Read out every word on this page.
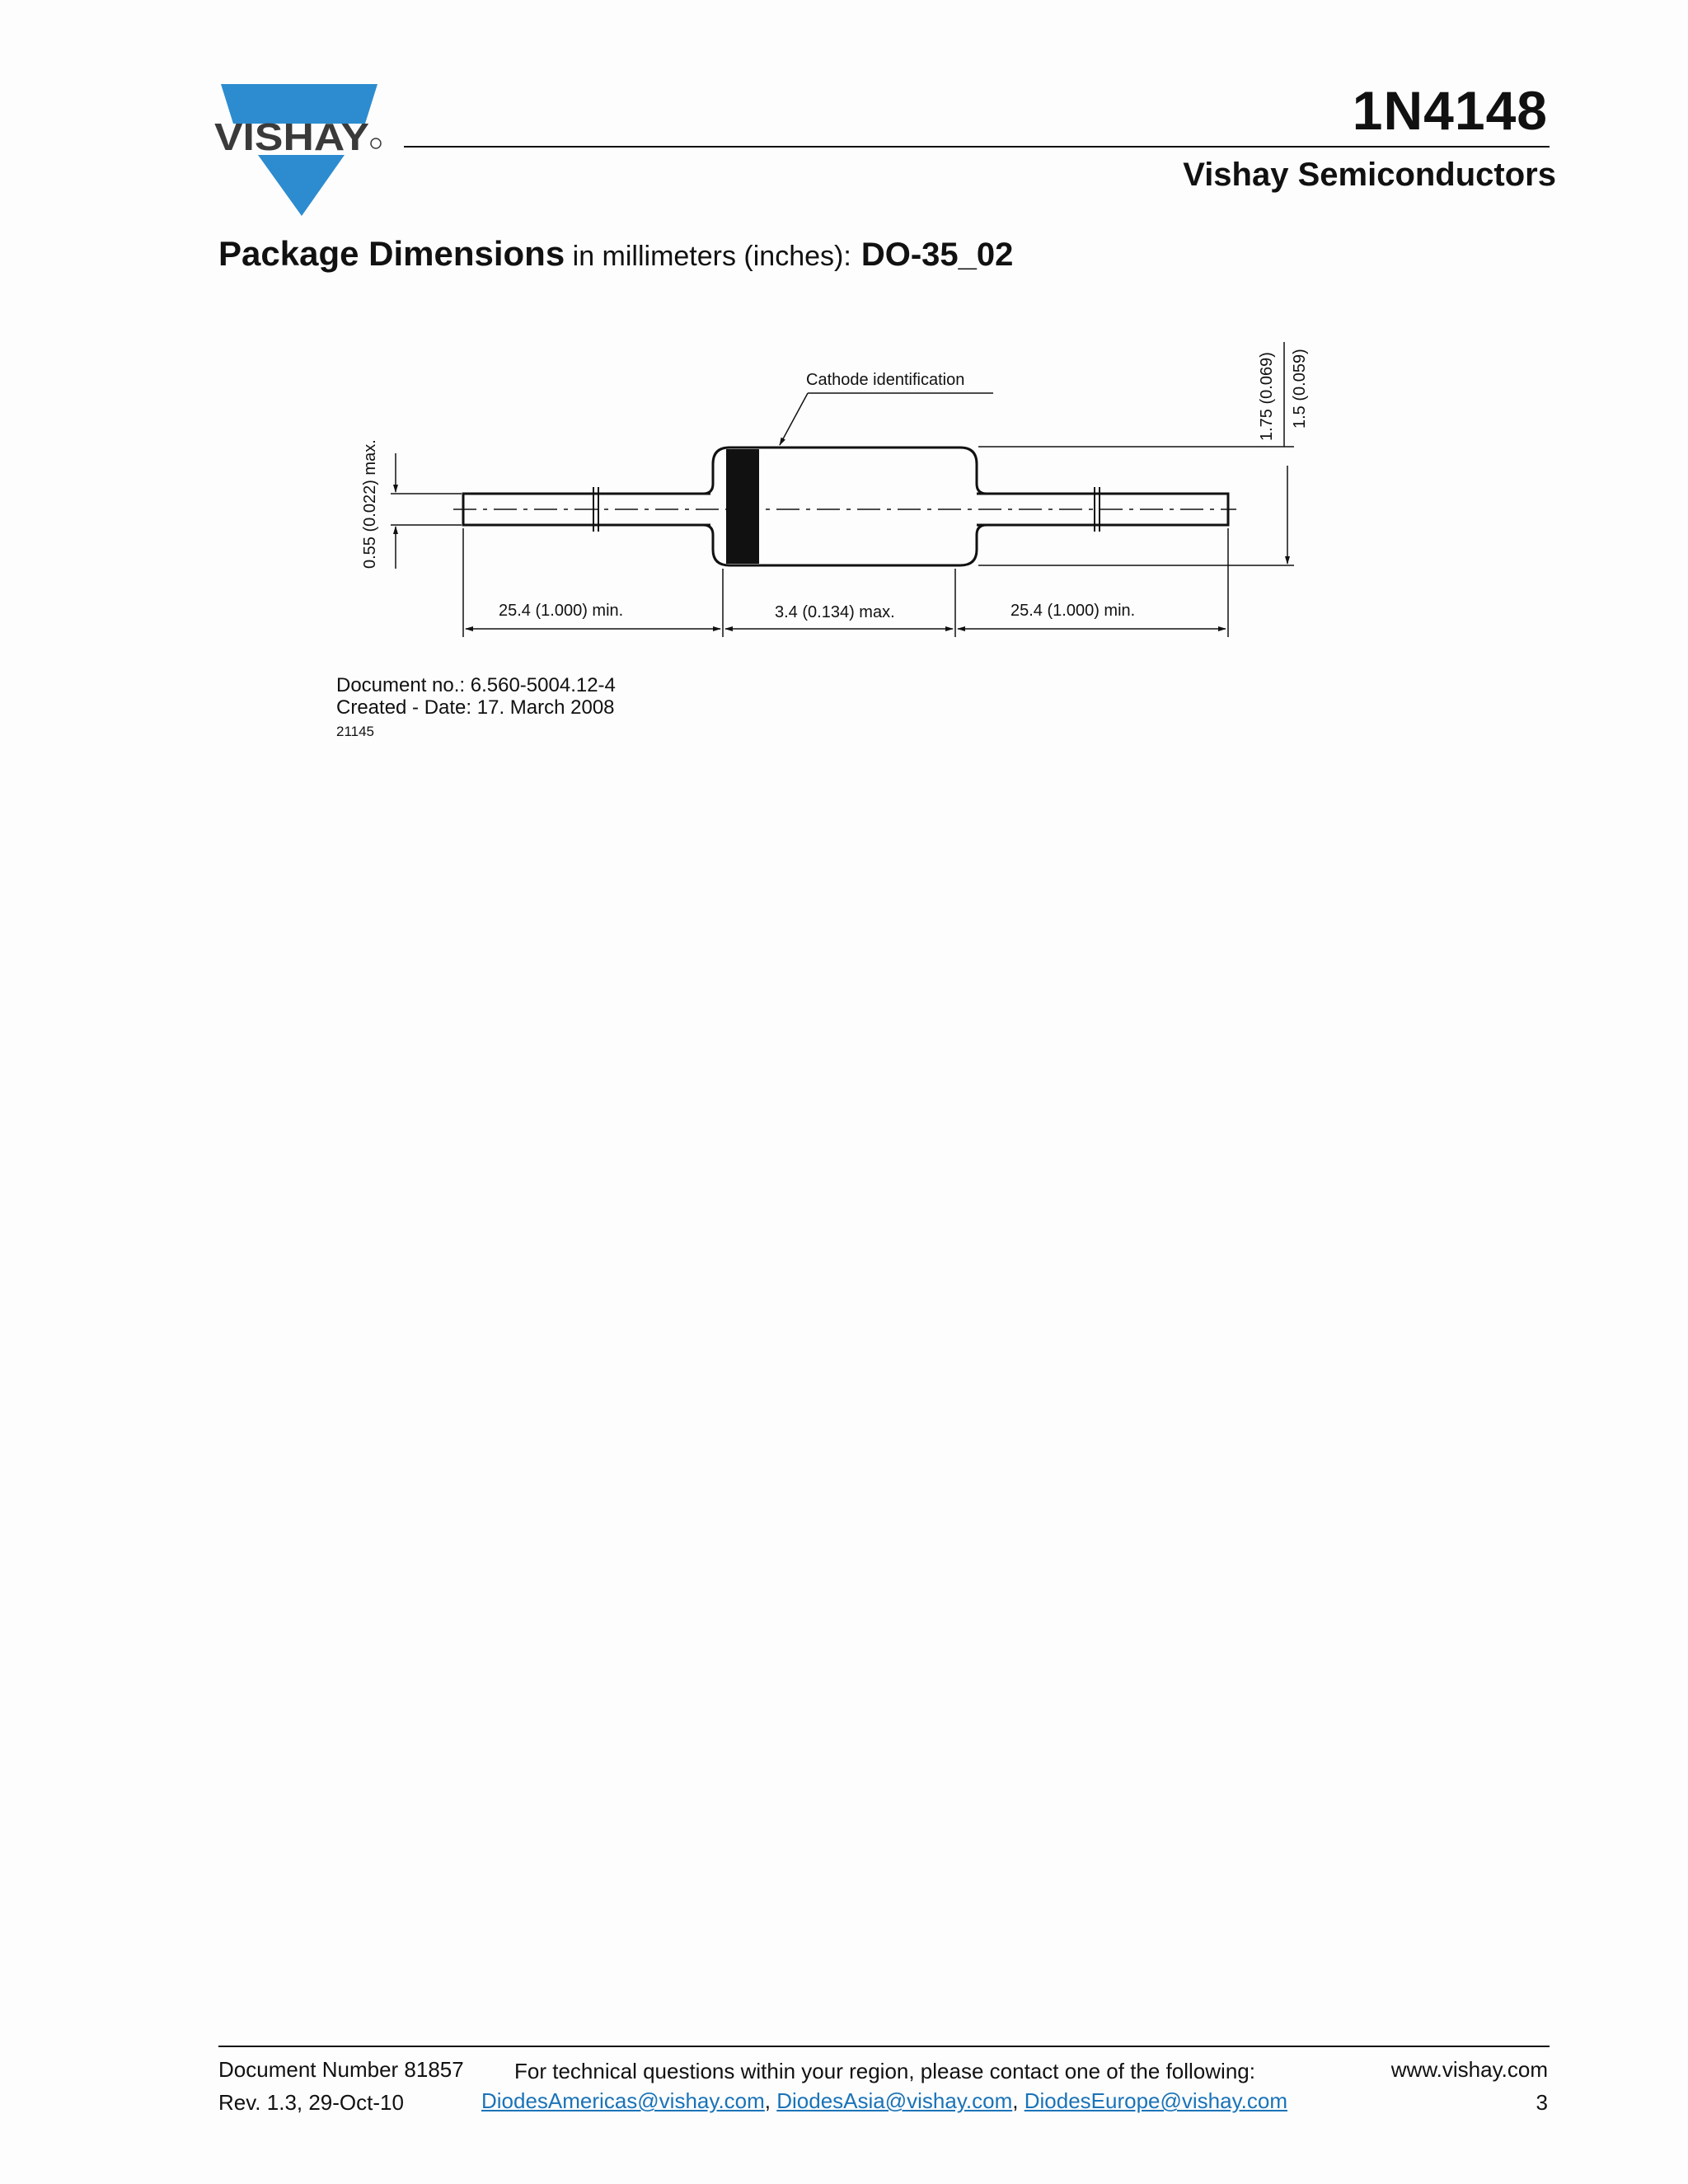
VISHAY	1N4148
Vishay Semiconductors
Package Dimensions in millimeters (inches): DO-35_02
Cathode identification
0.55 (0.022) max.
1.75 (0.069) 1.5 (0.059)
25.4 (1.000) min.	3.4 (0.134) max.	25.4 (1.000) min.
Document no.: 6.560-5004.12-4
Created - Date: 17. March 2008
21145
Document Number 81857
Rev. 1.3, 29-Oct-10
For technical questions within your region, please contact one of the following:
DiodesAmericas@vishay.com, DiodesAsia@vishay.com, DiodesEurope@vishay.com
www.vishay.com
3
